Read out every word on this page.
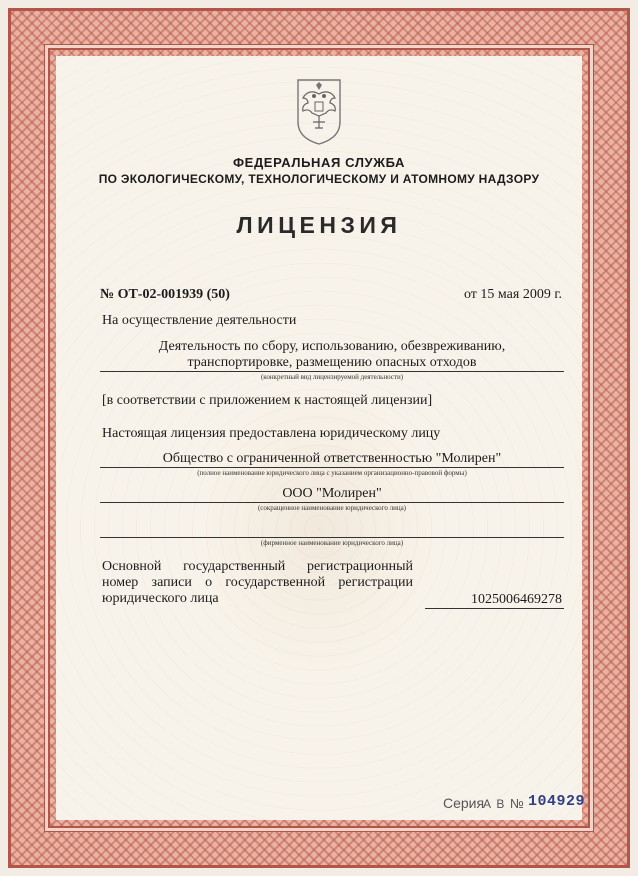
ФЕДЕРАЛЬНАЯ СЛУЖБА
ПО ЭКОЛОГИЧЕСКОМУ, ТЕХНОЛОГИЧЕСКОМУ И АТОМНОМУ НАДЗОРУ
ЛИЦЕНЗИЯ
№ ОТ-02-001939 (50)	от 15 мая 2009 г.
На осуществление деятельности
Деятельность по сбору, использованию, обезвреживанию,
транспортировке, размещению опасных отходов
(конкретный вид лицензируемой деятельности)
[в соответствии с приложением к настоящей лицензии]
Настоящая лицензия предоставлена юридическому лицу
Общество с ограниченной ответственностью "Молирен"
(полное наименование юридического лица с указанием организационно-правовой формы)
ООО "Молирен"
(сокращенное наименование юридического лица)
(фирменное наименование юридического лица)
Основной государственный регистрационный
номер записи о государственной регистрации
юридического лица	1025006469278
Серия
А В № 104929
